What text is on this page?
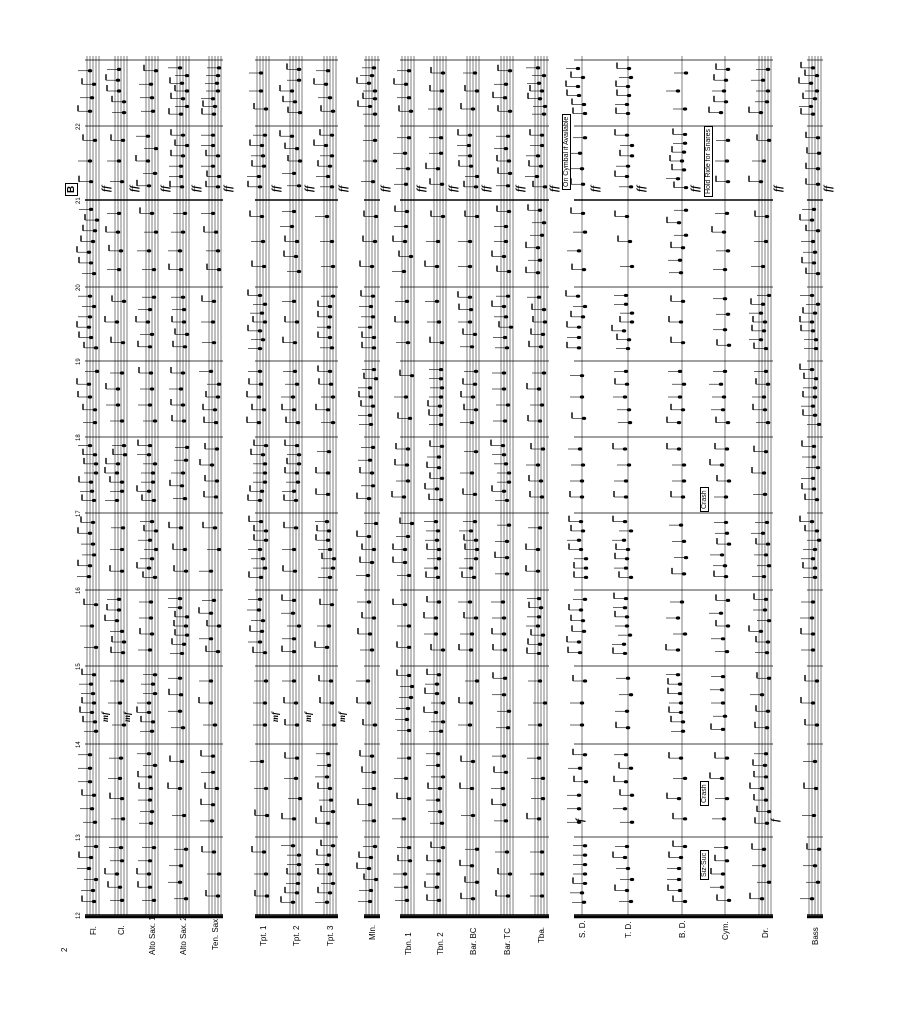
2
Fl. Cl.	Alto Sax. 1	Alto Sax. 2	Ten. Sax.	Tpt. 1	Tpt. 2	Tpt. 3	Mln.	Tbn. 1	Tbn. 2	Bar. BC	Bar. TC	Tba.	S. D.	T. D.	B. D.	Cym.	Dr.	Bass
12
13
14
15
16
17
18
19
20
21
22
B
Siz-Suc
Crash
Crash
On Cymbal if Available	Hold Ride for Snares
mf mf	mf	mf	mf
f	f
ff ff ff ff ff	ff ff ff	ff	ff ff ff ff ff	ff	ff	ff	ff	ff
